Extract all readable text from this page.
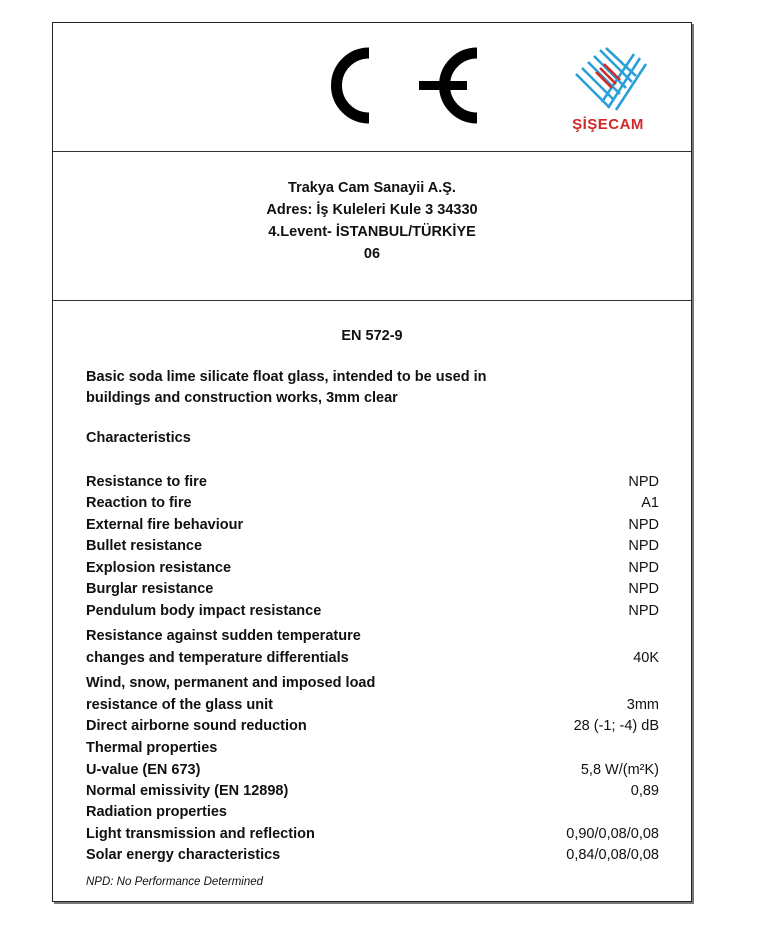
ŞİŞECAM
Trakya Cam Sanayii A.Ş.
Adres: İş Kuleleri Kule 3 34330
4.Levent- İSTANBUL/TÜRKİYE
06
EN 572-9
Basic soda lime silicate float glass, intended to be used in
buildings and construction works, 3mm clear
Characteristics
Resistance to fire	NPD
Reaction to fire	A1
External fire behaviour	NPD
Bullet resistance	NPD
Explosion resistance	NPD
Burglar resistance	NPD
Pendulum body impact resistance	NPD
Resistance against sudden temperature
changes and temperature differentials	40K
Wind, snow, permanent and imposed load
resistance of the glass unit	3mm
Direct airborne sound reduction	28 (-1; -4) dB
Thermal properties
U-value (EN 673)	5,8 W/(m²K)
Normal emissivity (EN 12898)	0,89
Radiation properties
Light transmission and reflection	0,90/0,08/0,08
Solar energy characteristics	0,84/0,08/0,08
NPD: No Performance Determined
